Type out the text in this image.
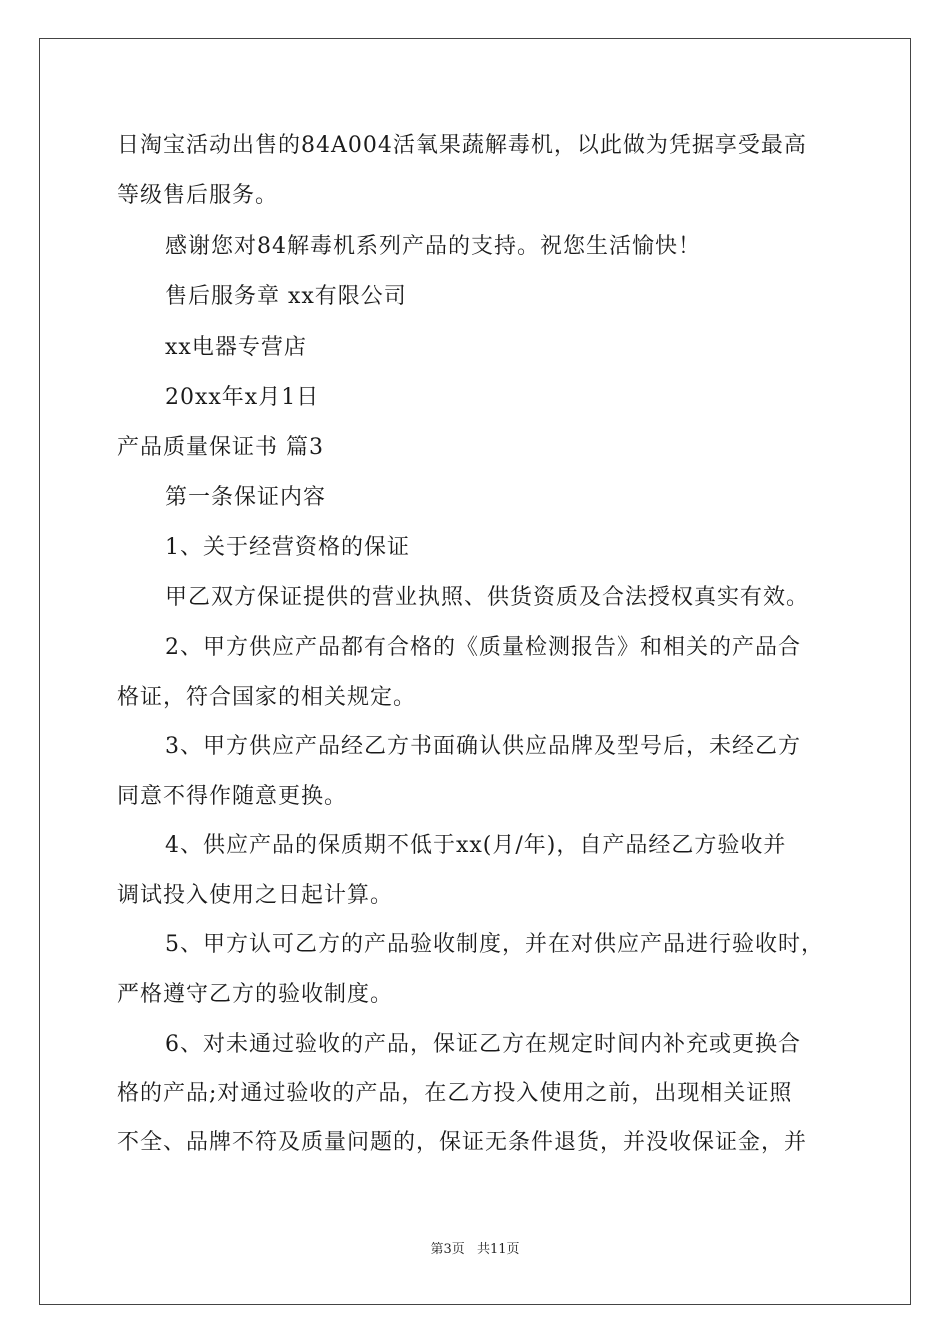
日淘宝活动出售的84A004活氧果蔬解毒机，以此做为凭据享受最高
等级售后服务。
感谢您对84解毒机系列产品的支持。祝您生活愉快！
售后服务章 xx有限公司
xx电器专营店
20xx年x月1日
产品质量保证书 篇3
第一条保证内容
1、关于经营资格的保证
甲乙双方保证提供的营业执照、供货资质及合法授权真实有效。
2、甲方供应产品都有合格的《质量检测报告》和相关的产品合
格证，符合国家的相关规定。
3、甲方供应产品经乙方书面确认供应品牌及型号后，未经乙方
同意不得作随意更换。
4、供应产品的保质期不低于xx(月/年)，自产品经乙方验收并
调试投入使用之日起计算。
5、甲方认可乙方的产品验收制度，并在对供应产品进行验收时，
严格遵守乙方的验收制度。
6、对未通过验收的产品，保证乙方在规定时间内补充或更换合
格的产品;对通过验收的产品，在乙方投入使用之前，出现相关证照
不全、品牌不符及质量问题的，保证无条件退货，并没收保证金，并
第3页 共11页
